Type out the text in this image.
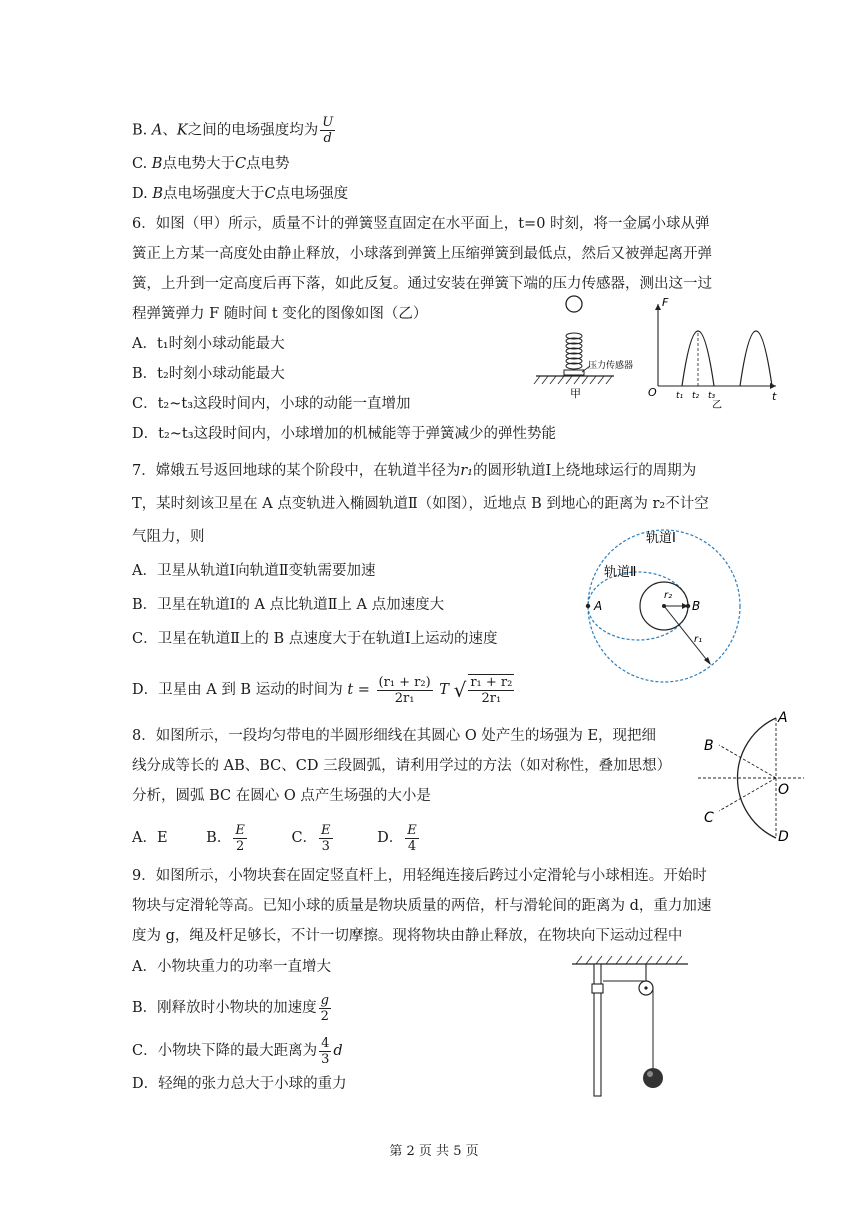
B. A、K之间的电场强度均为 $\frac{U}{d}$
C. B点电势大于C点电势
D. B点电场强度大于C点电场强度
6．如图（甲）所示，质量不计的弹簧竖直固定在水平面上，t=0 时刻，将一金属小球从弹
簧正上方某一高度处由静止释放，小球落到弹簧上压缩弹簧到最低点，然后又被弹起离开弹
簧，上升到一定高度后再下落，如此反复。通过安装在弹簧下端的压力传感器，测出这一过
程弹簧弹力 F 随时间 t 变化的图像如图（乙）
A．t₁时刻小球动能最大
B．t₂时刻小球动能最大
C．t₂~t₃这段时间内，小球的动能一直增加
D．t₂~t₃这段时间内，小球增加的机械能等于弹簧减少的弹性势能
压力传感器
甲
F
t
O t₁ t₂ t₃
乙
7．嫦娥五号返回地球的某个阶段中，在轨道半径为r₁的圆形轨道Ⅰ上绕地球运行的周期为
T，某时刻该卫星在 A 点变轨进入椭圆轨道Ⅱ（如图），近地点 B 到地心的距离为 r₂不计空
气阻力，则
A．卫星从轨道Ⅰ向轨道Ⅱ变轨需要加速
B．卫星在轨道Ⅰ的 A 点比轨道Ⅱ上 A 点加速度大
C．卫星在轨道Ⅱ上的 B 点速度大于在轨道Ⅰ上运动的速度
D．卫星由 A 到 B 运动的时间为 $t = \frac{\text{(r₁ + r₂)}}{\text{2r₁}}$ T √ $\frac{\text{r₁ + r₂}}{\text{2r₁}}$
轨道Ⅰ
轨道Ⅱ
A	B
r₂
r₁
8．如图所示，一段均匀带电的半圆形细线在其圆心 O 处产生的场强为 E，现把细
线分成等长的 AB、BC、CD 三段圆弧，请利用学过的方法（如对称性，叠加思想）
分析，圆弧 BC 在圆心 O 点产生场强的大小是
A．E	B． $\frac{E}{2}$	C． $\frac{E}{3}$	D． $\frac{E}{4}$
A
B
C
D
O
9．如图所示，小物块套在固定竖直杆上，用轻绳连接后跨过小定滑轮与小球相连。开始时
物块与定滑轮等高。已知小球的质量是物块质量的两倍，杆与滑轮间的距离为 d，重力加速
度为 g，绳及杆足够长，不计一切摩擦。现将物块由静止释放，在物块向下运动过程中
A．小物块重力的功率一直增大
B．刚释放时小物块的加速度 $\frac{g}{2}$
C．小物块下降的最大距离为 $\frac{4}{3}$ d
D．轻绳的张力总大于小球的重力
第 2 页 共 5 页
